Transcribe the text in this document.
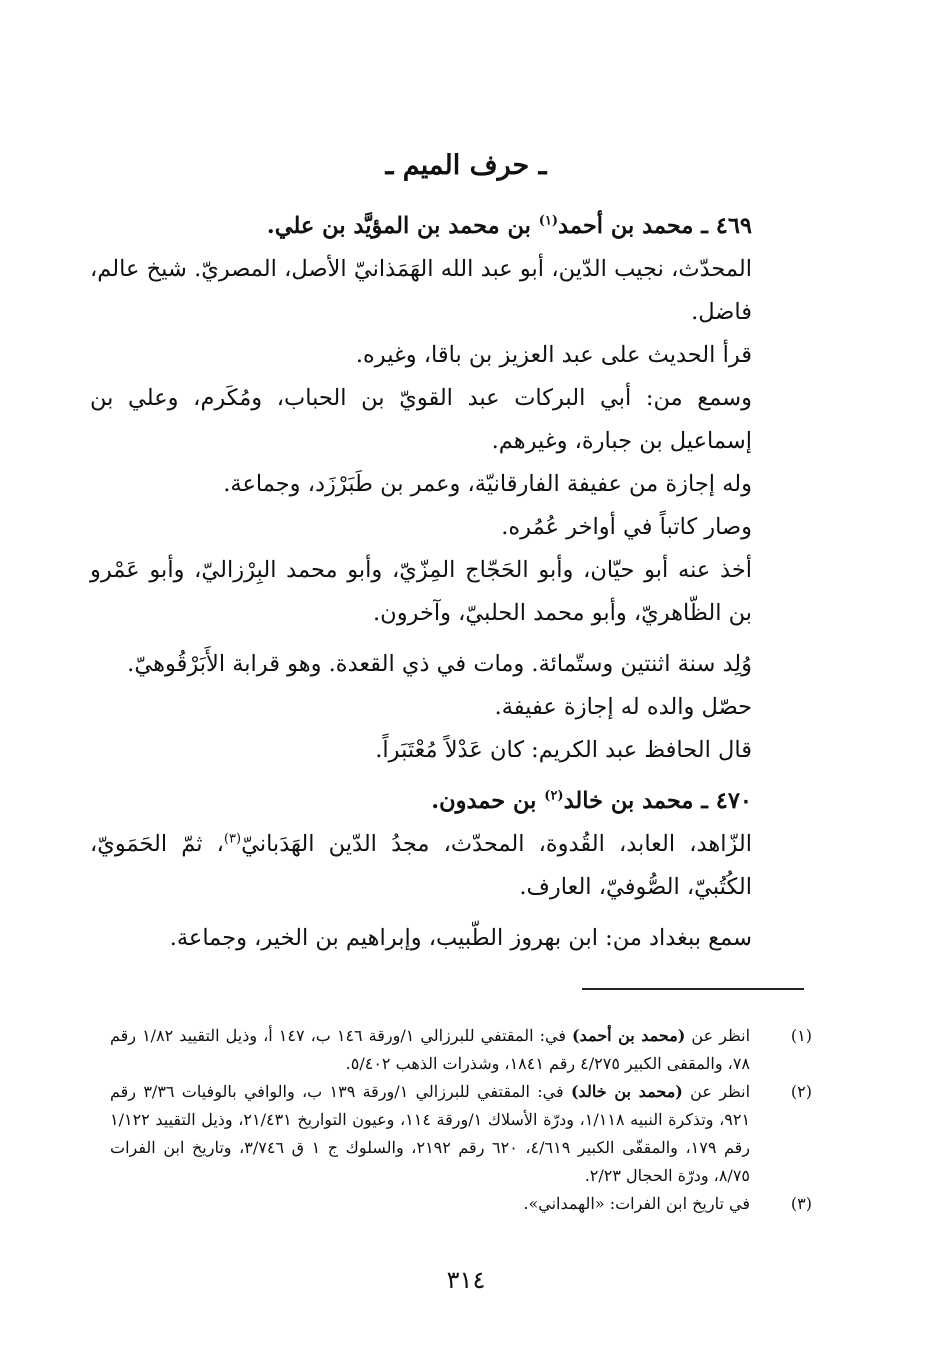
ـ حرف الميم ـ

٤٦٩ ـ محمد بن أحمد$^{(١)}$ بن محمد بن المؤيَّد بن علي.

المحدّث، نجيب الدّين، أبو عبد الله الهَمَذانيّ الأصل، المصريّ. شيخ عالم، فاضل.

قرأ الحديث على عبد العزيز بن باقا، وغيره.

وسمع من: أبي البركات عبد القويّ بن الحباب، ومُكَرم، وعلي بن إسماعيل بن جبارة، وغيرهم.

وله إجازة من عفيفة الفارقانيّة، وعمر بن طَبَرْزَد، وجماعة.

وصار كاتباً في أواخر عُمُره.

أخذ عنه أبو حيّان، وأبو الحَجّاج المِزّيّ، وأبو محمد البِرْزاليّ، وأبو عَمْرو بن الظّاهريّ، وأبو محمد الحلبيّ، وآخرون.

وُلِد سنة اثنتين وستّمائة. ومات في ذي القعدة. وهو قرابة الأَبَرْقُوهيّ.

حصّل والده له إجازة عفيفة.

قال الحافظ عبد الكريم: كان عَدْلاً مُعْتَبَراً.

٤٧٠ ـ محمد بن خالد$^{(٢)}$ بن حمدون.

الزّاهد، العابد، القُدوة، المحدّث، مجدُ الدّين الهَدَبانيّ$^{(٣)}$، ثمّ الحَمَويّ، الكُتُبيّ، الصُّوفيّ، العارف.

سمع ببغداد من: ابن بهروز الطّبيب، وإبراهيم بن الخير، وجماعة.

(١)
انظر عن (محمد بن أحمد) في: المقتفي للبرزالي ١/ورقة ١٤٦ ب، ١٤٧ أ، وذيل التقييد ١/٨٢ رقم ٧٨، والمقفى الكبير ٤/٢٧٥ رقم ١٨٤١، وشذرات الذهب ٥/٤٠٢.
(٢)
انظر عن (محمد بن خالد) في: المقتفي للبرزالي ١/ورقة ١٣٩ ب، والوافي بالوفيات ٣/٣٦ رقم ٩٢١، وتذكرة النبيه ١/١١٨، ودرّة الأسلاك ١/ورقة ١١٤، وعيون التواريخ ٢١/٤٣١، وذيل التقييد ١/١٢٢ رقم ١٧٩، والمقفّى الكبير ٤/٦١٩، ٦٢٠ رقم ٢١٩٢، والسلوك ج ١ ق ٣/٧٤٦، وتاريخ ابن الفرات ٨/٧٥، ودرّة الحجال ٢/٢٣.
(٣)
في تاريخ ابن الفرات: «الهمداني».
٣١٤
